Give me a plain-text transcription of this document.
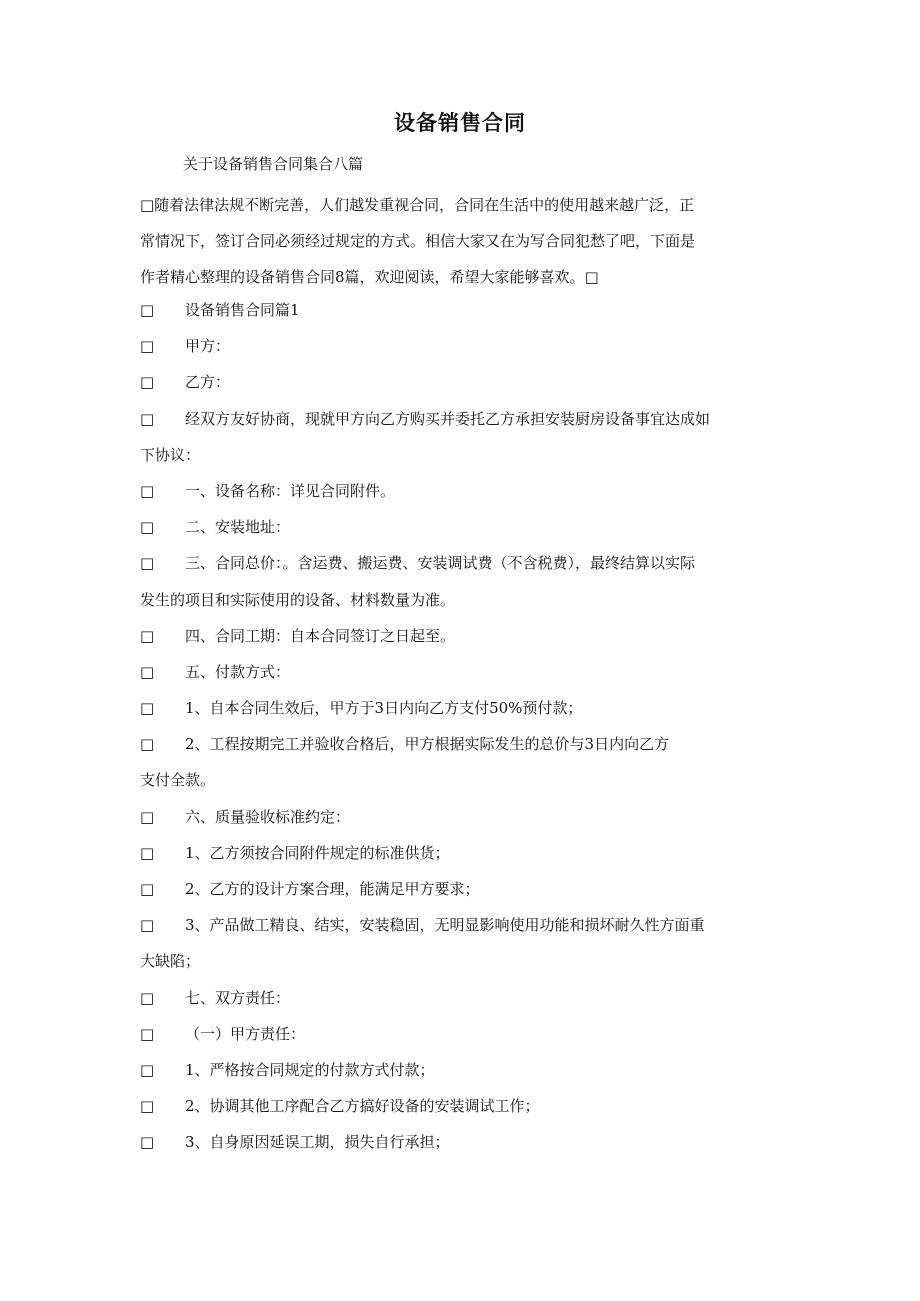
设备销售合同
关于设备销售合同集合八篇

□随着法律法规不断完善，人们越发重视合同，合同在生活中的使用越来越广泛，正

常情况下，签订合同必须经过规定的方式。相信大家又在为写合同犯愁了吧，下面是

作者精心整理的设备销售合同8篇，欢迎阅读，希望大家能够喜欢。□

□ 设备销售合同篇1
□ 甲方：
□ 乙方：
□ 经双方友好协商，现就甲方向乙方购买并委托乙方承担安装厨房设备事宜达成如
下协议：
□ 一、设备名称：详见合同附件。
□ 二、安装地址：
□ 三、合同总价：。含运费、搬运费、安装调试费（不含税费），最终结算以实际
发生的项目和实际使用的设备、材料数量为准。
□ 四、合同工期：自本合同签订之日起至。
□ 五、付款方式：
□ 1、自本合同生效后，甲方于3日内向乙方支付50%预付款；
□ 2、工程按期完工并验收合格后，甲方根据实际发生的总价与3日内向乙方
支付全款。
□ 六、质量验收标准约定：
□ 1、乙方须按合同附件规定的标准供货；
□ 2、乙方的设计方案合理，能满足甲方要求；
□ 3、产品做工精良、结实，安装稳固，无明显影响使用功能和损坏耐久性方面重
大缺陷；
□ 七、双方责任：
□ （一）甲方责任：
□ 1、严格按合同规定的付款方式付款；
□ 2、协调其他工序配合乙方搞好设备的安装调试工作；
□ 3、自身原因延误工期，损失自行承担；
